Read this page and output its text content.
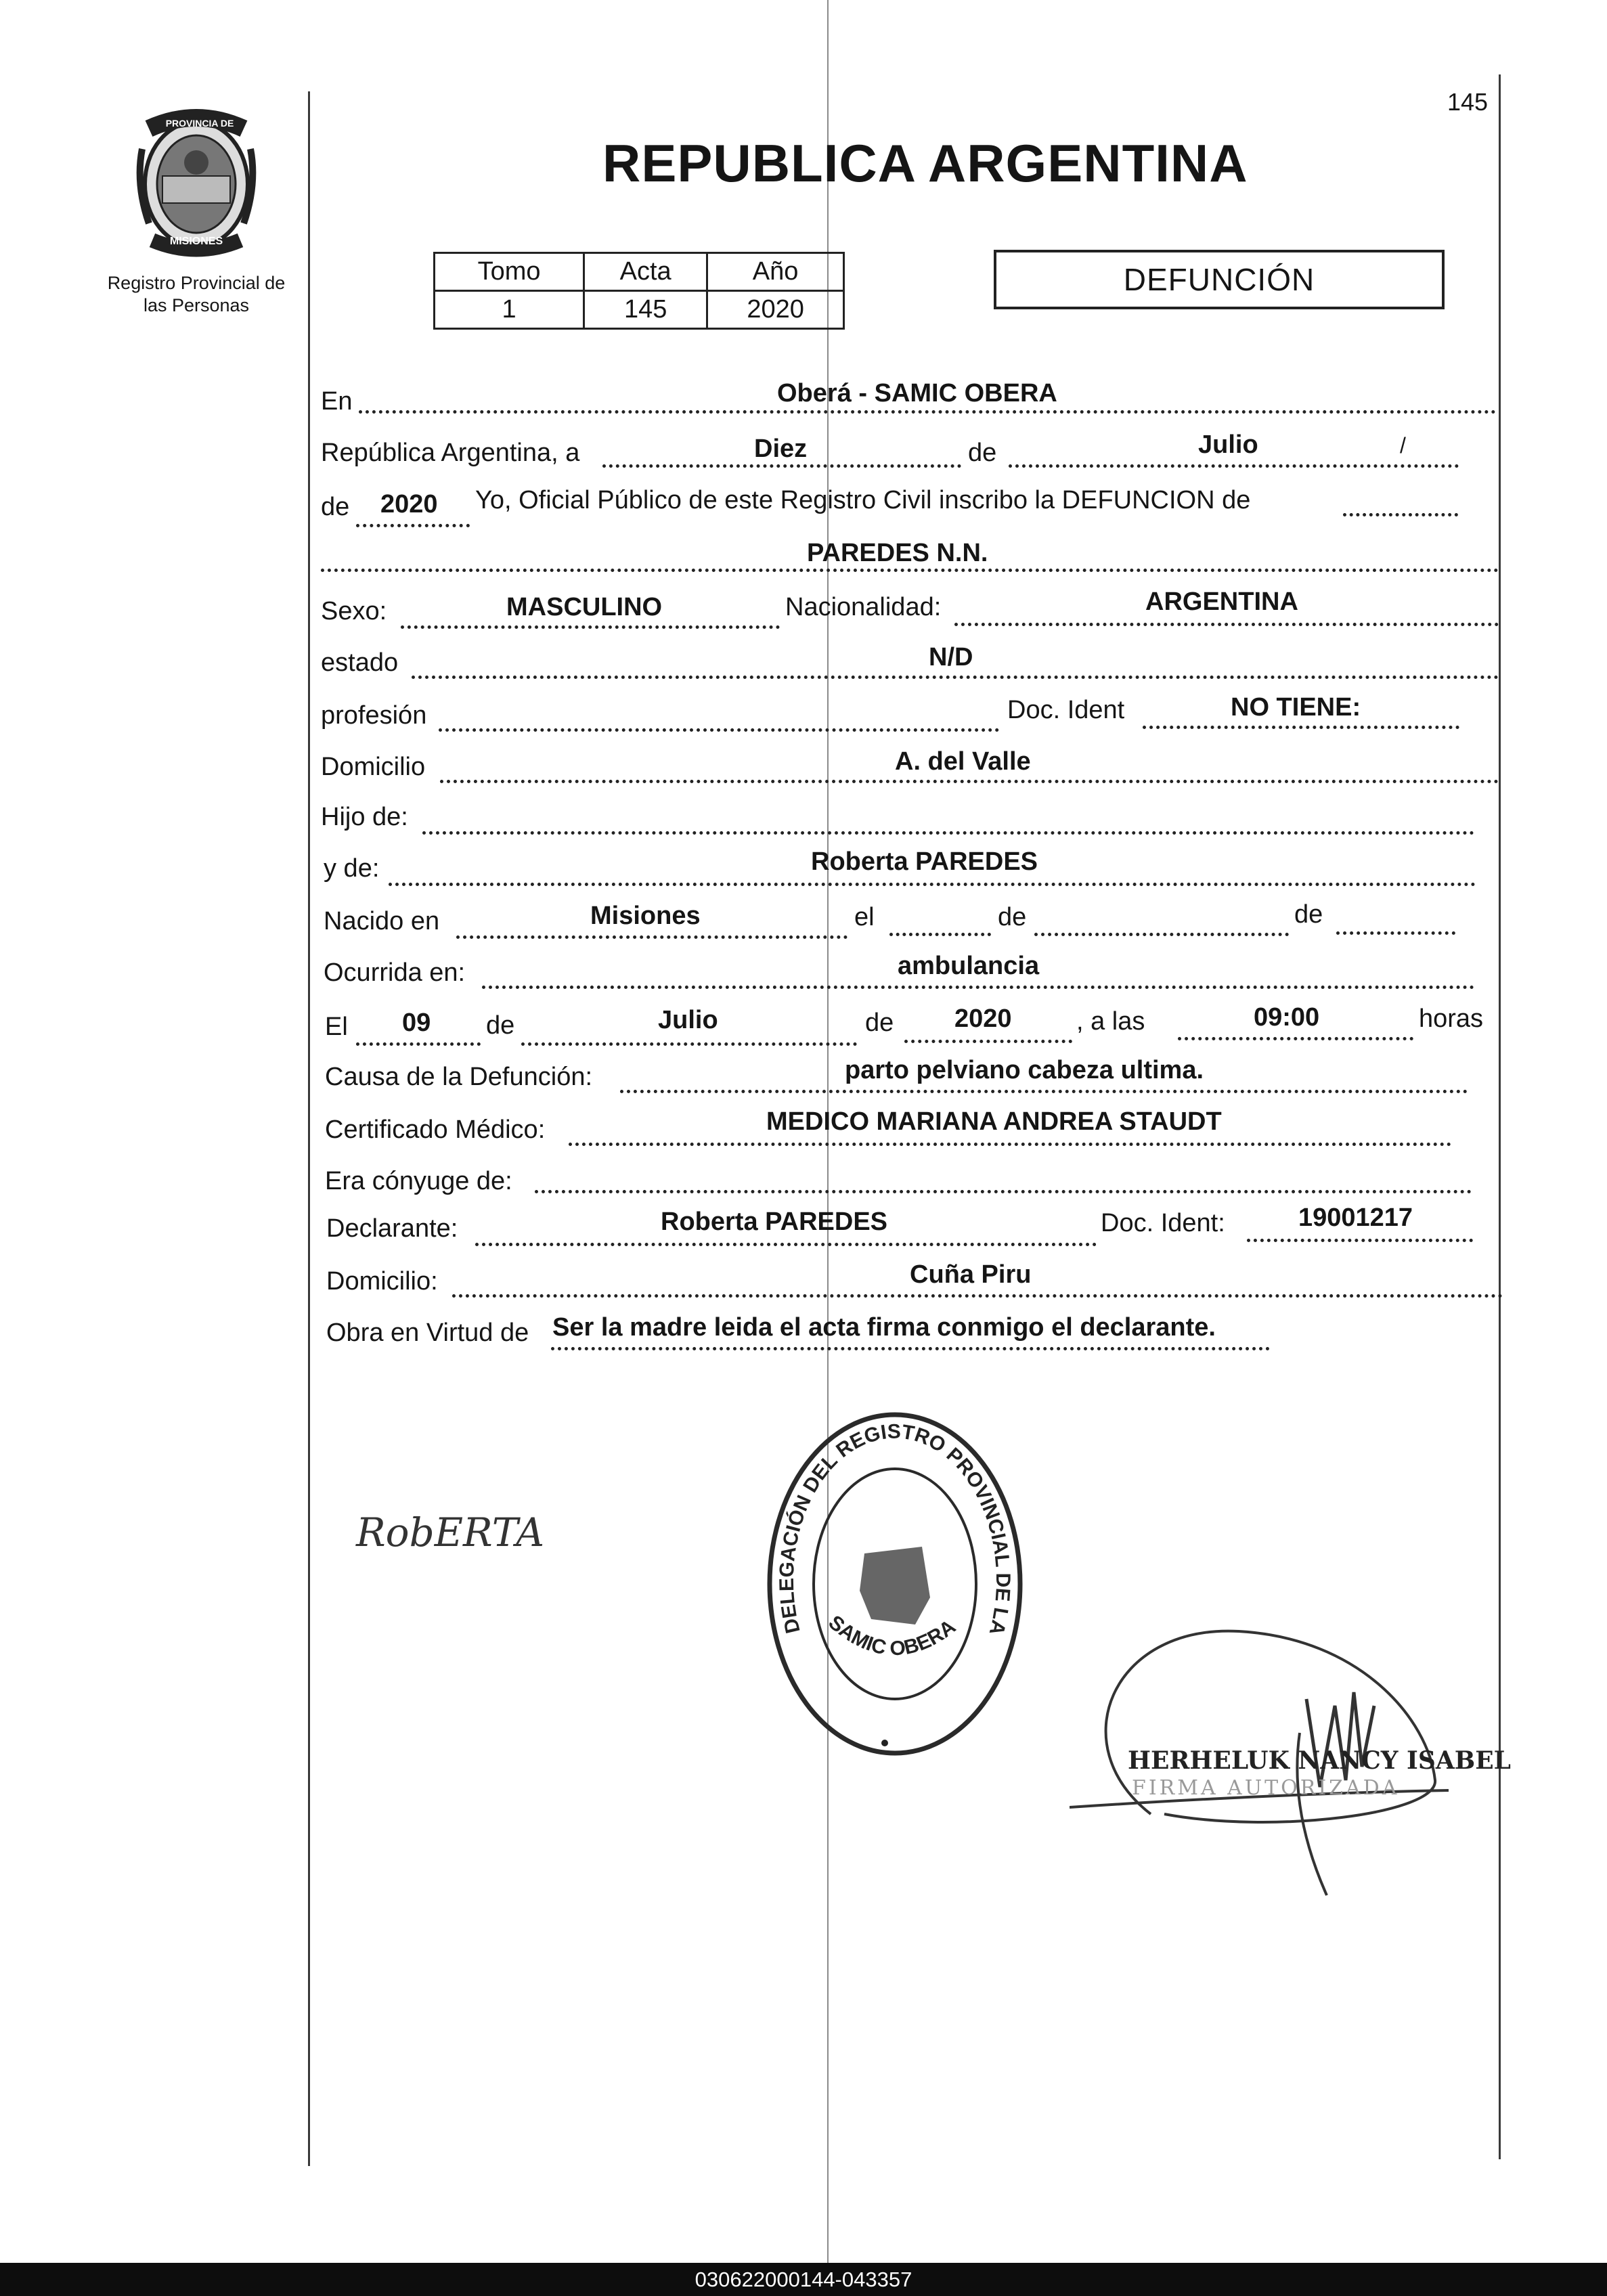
145
PROVINCIA DE
MISIONES
Registro Provincial de las Personas
REPUBLICA ARGENTINA
Tomo	Acta	Año
1	145	2020
DEFUNCIÓN
En	Oberá - SAMIC OBERA
República Argentina, a	Diez	de	Julio	/
de 2020 Yo, Oficial Público de este Registro Civil inscribo la DEFUNCION de
PAREDES N.N.
Sexo:	MASCULINO	Nacionalidad:	ARGENTINA
estado	N/D
profesión	Doc. Ident	NO TIENE:
Domicilio	A. del Valle
Hijo de:
y de:	Roberta PAREDES
Nacido en	Misiones	el	de	de
Ocurrida en:	ambulancia
El 09 de	Julio	de 2020	, a las	09:00	horas
Causa de la Defunción:	parto pelviano cabeza ultima.
Certificado Médico:	MEDICO MARIANA ANDREA STAUDT
Era cónyuge de:
Declarante:	Roberta PAREDES	Doc. Ident:	19001217
Domicilio:	Cuña Piru
Obra en Virtud de Ser la madre leida el acta firma conmigo el declarante.
DELEGACIÓN DEL REGISTRO PROVINCIAL DE LA
SAMIC OBERA
RobERTA
HERHELUK NANCY ISABEL
FIRMA AUTORIZADA
030622000144-043357
